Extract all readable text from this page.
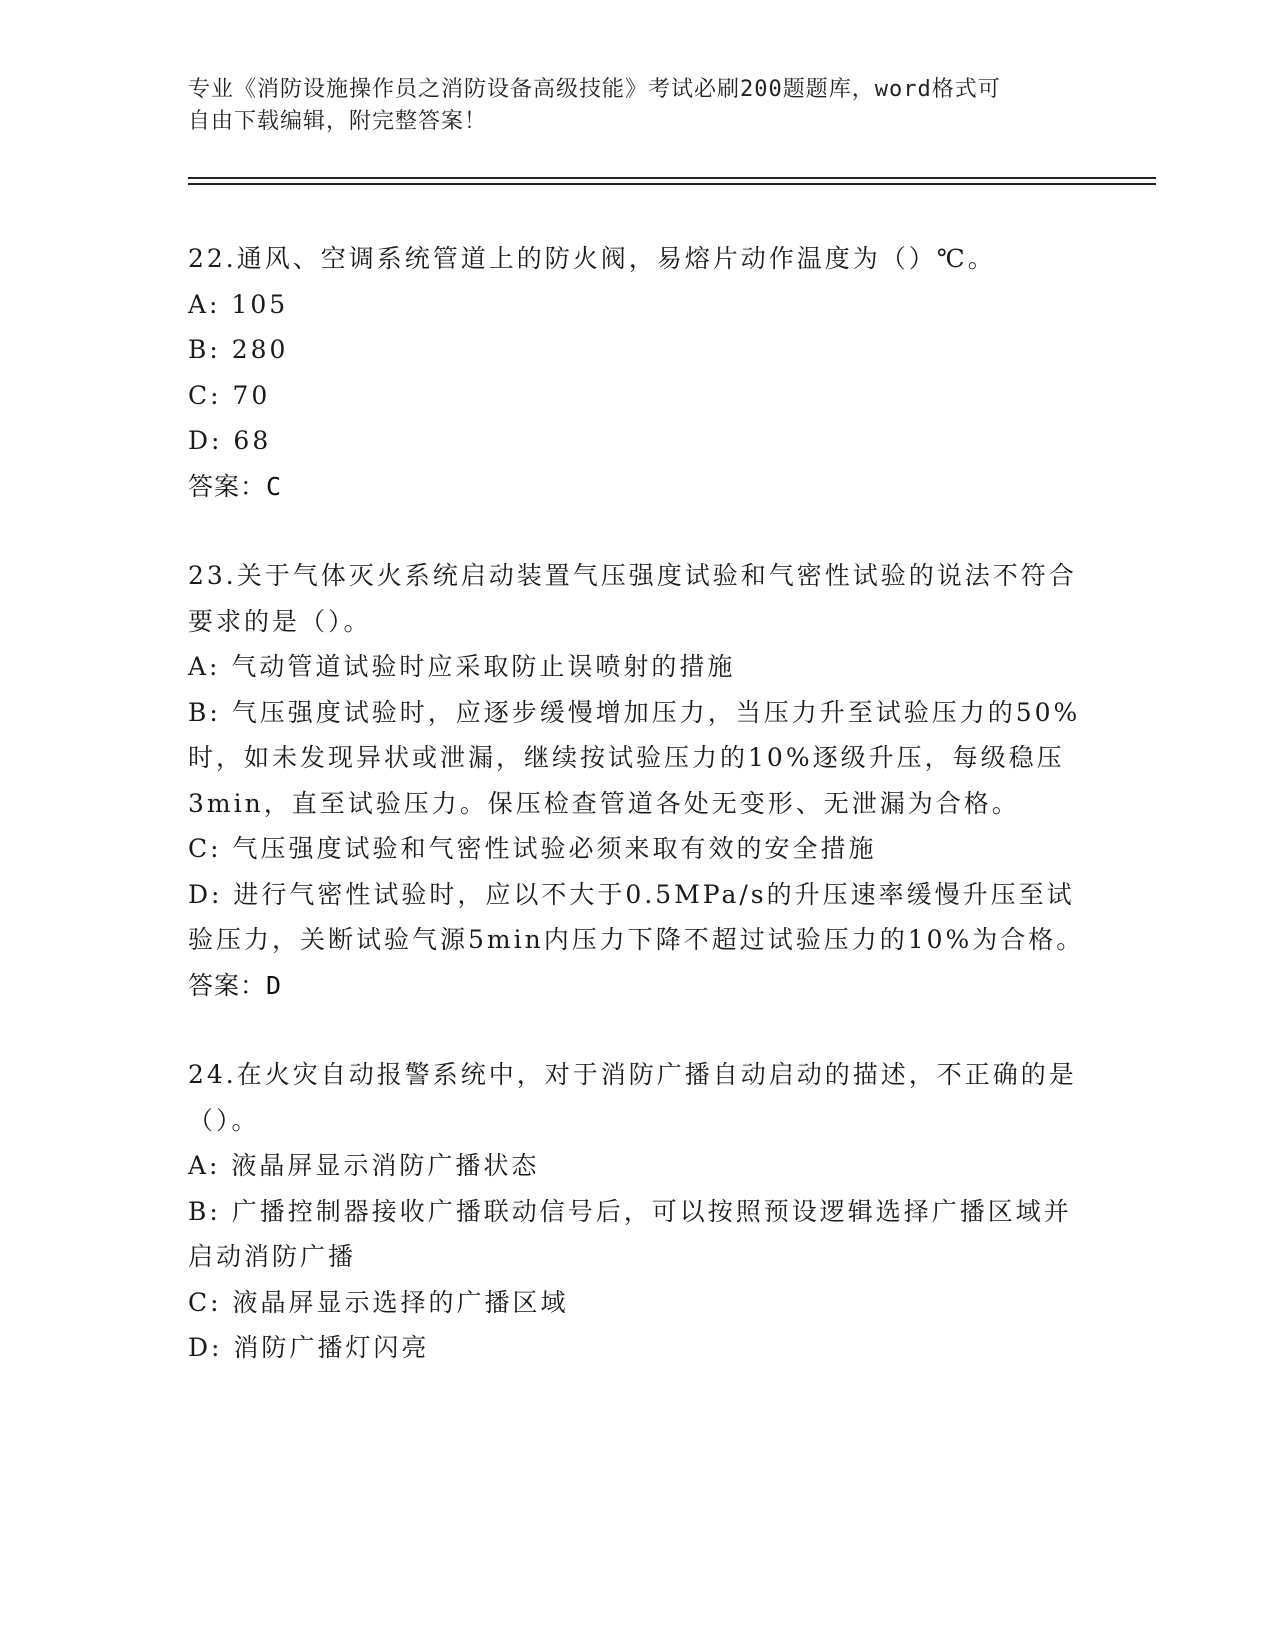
专业《消防设施操作员之消防设备高级技能》考试必刷200题题库，word格式可
自由下载编辑，附完整答案！

22.通风、空调系统管道上的防火阀，易熔片动作温度为（）℃。

A: 105

B: 280

C: 70

D: 68

答案：C

23.关于气体灭火系统启动装置气压强度试验和气密性试验的说法不符合要求的是（）。

A: 气动管道试验时应采取防止误喷射的措施

B: 气压强度试验时，应逐步缓慢增加压力，当压力升至试验压力的50%时，如未发现异状或泄漏，继续按试验压力的10%逐级升压，每级稳压3min，直至试验压力。保压检查管道各处无变形、无泄漏为合格。

C: 气压强度试验和气密性试验必须来取有效的安全措施

D: 进行气密性试验时，应以不大于0.5MPa/s的升压速率缓慢升压至试验压力，关断试验气源5min内压力下降不超过试验压力的10%为合格。

答案：D

24.在火灾自动报警系统中，对于消防广播自动启动的描述，不正确的是（）。

A: 液晶屏显示消防广播状态

B: 广播控制器接收广播联动信号后，可以按照预设逻辑选择广播区域并启动消防广播

C: 液晶屏显示选择的广播区域

D: 消防广播灯闪亮
